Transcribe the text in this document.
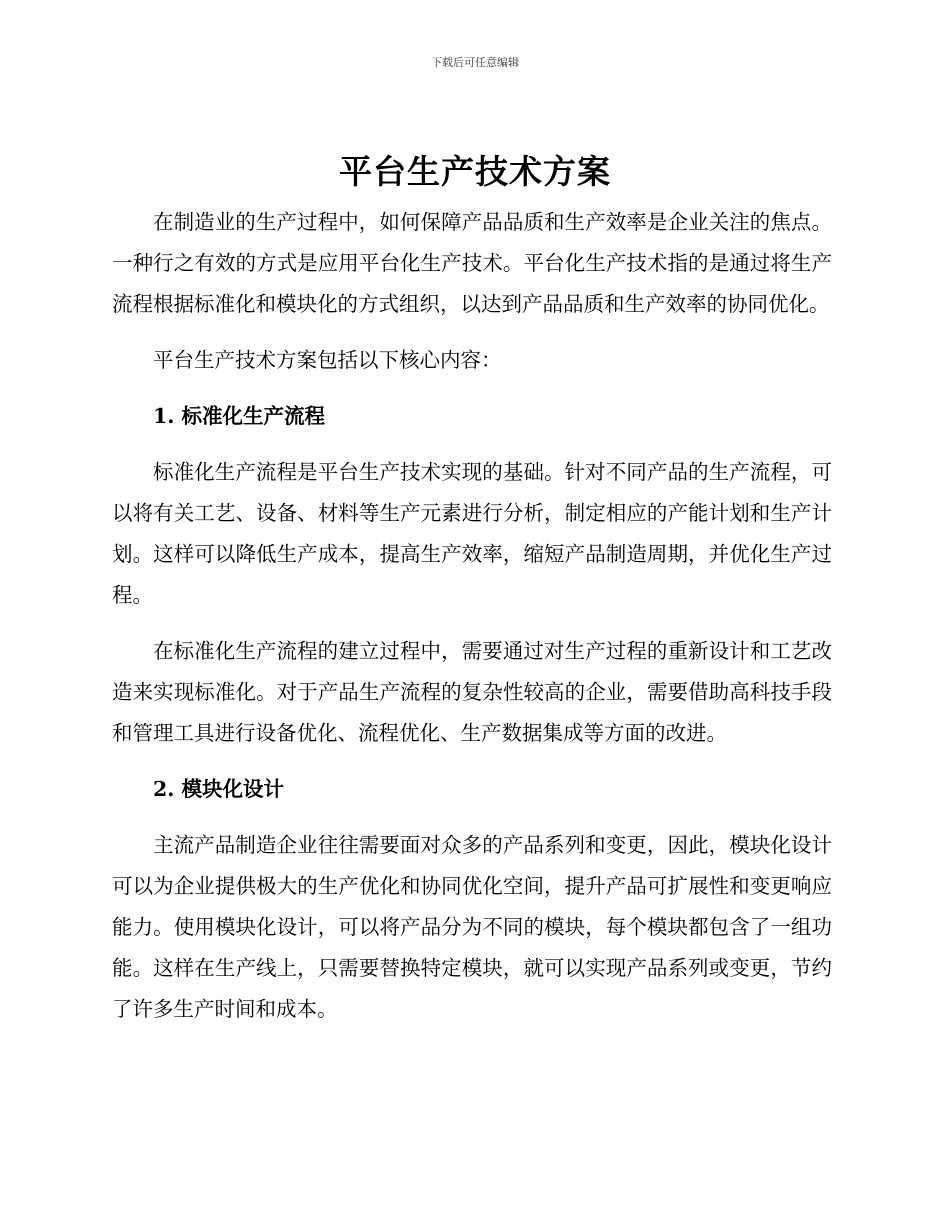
下载后可任意编辑
平台生产技术方案

在制造业的生产过程中，如何保障产品品质和生产效率是企业关注的焦点。一种行之有效的方式是应用平台化生产技术。平台化生产技术指的是通过将生产流程根据标准化和模块化的方式组织，以达到产品品质和生产效率的协同优化。

平台生产技术方案包括以下核心内容：

1. 标准化生产流程

标准化生产流程是平台生产技术实现的基础。针对不同产品的生产流程，可以将有关工艺、设备、材料等生产元素进行分析，制定相应的产能计划和生产计划。这样可以降低生产成本，提高生产效率，缩短产品制造周期，并优化生产过程。

在标准化生产流程的建立过程中，需要通过对生产过程的重新设计和工艺改造来实现标准化。对于产品生产流程的复杂性较高的企业，需要借助高科技手段和管理工具进行设备优化、流程优化、生产数据集成等方面的改进。

2. 模块化设计

主流产品制造企业往往需要面对众多的产品系列和变更，因此，模块化设计可以为企业提供极大的生产优化和协同优化空间，提升产品可扩展性和变更响应能力。使用模块化设计，可以将产品分为不同的模块，每个模块都包含了一组功能。这样在生产线上，只需要替换特定模块，就可以实现产品系列或变更，节约了许多生产时间和成本。
